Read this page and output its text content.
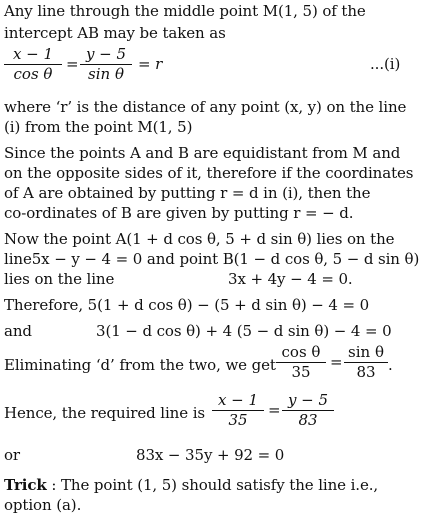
Any line through the middle point M(1, 5) of the
intercept AB may be taken as
$\frac{x - 1}{\text{cos θ}} = \frac{y - 5}{\text{sin θ}} = r$	...(i)
where ‘r’ is the distance of any point (x, y) on the line
(i) from the point M(1, 5)
Since the points A and B are equidistant from M and
on the opposite sides of it, therefore if the coordinates
of A are obtained by putting r = d in (i), then the
co-ordinates of B are given by putting r = − d.
Now the point A(1 + d cos θ, 5 + d sin θ) lies on the
line5x − y − 4 = 0 and point B(1 − d cos θ, 5 − d sin θ)
lies on the line	3x + 4y − 4 = 0.
Therefore, 5(1 + d cos θ) − (5 + d sin θ) − 4 = 0
and	3(1 − d cos θ) + 4 (5 − d sin θ) − 4 = 0
Eliminating ‘d’ from the two, we get $\frac{\text{cos θ}}{35} = \frac{\text{sin θ}}{83}$ .
Hence, the required line is $\frac{x - 1}{35} = \frac{y - 5}{83}$
or	83x − 35y + 92 = 0
Trick : The point (1, 5) should satisfy the line i.e.,
option (a).
